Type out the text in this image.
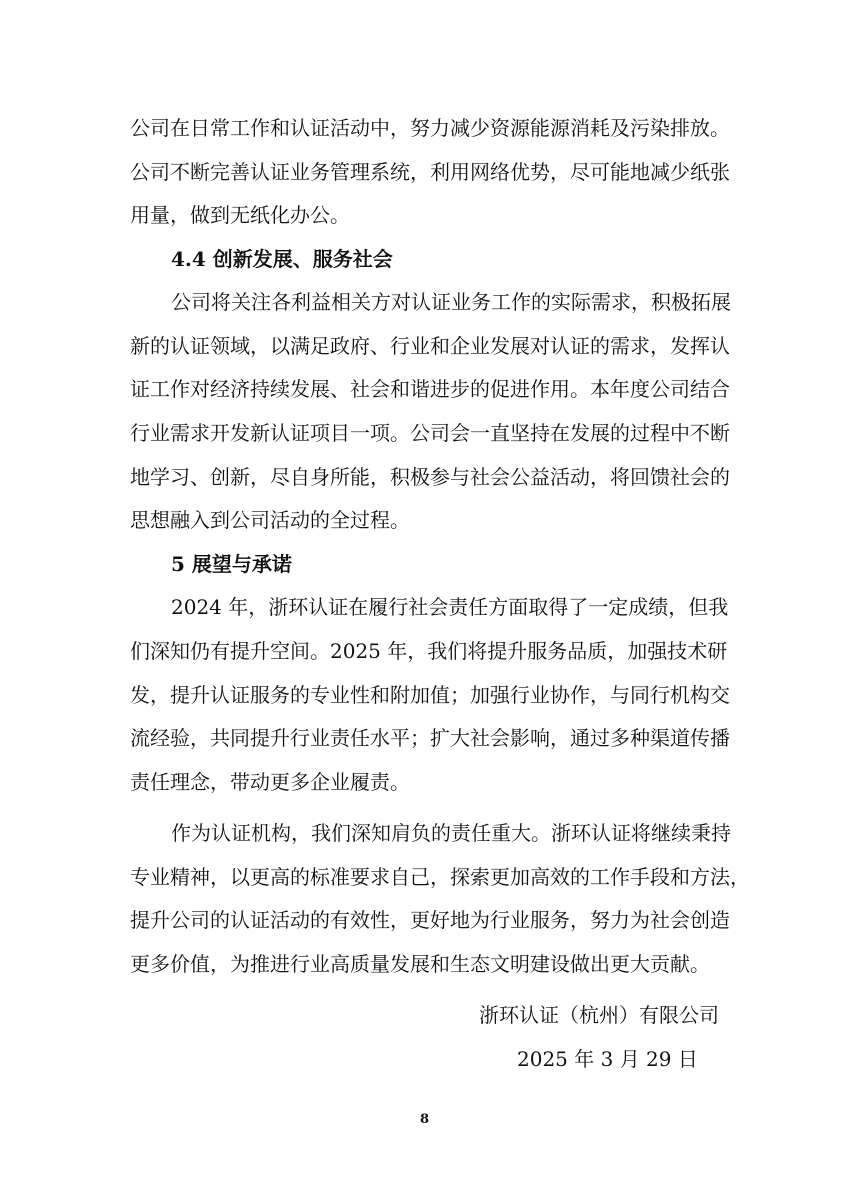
公司在日常工作和认证活动中，努力减少资源能源消耗及污染排放。
公司不断完善认证业务管理系统，利用网络优势，尽可能地减少纸张
用量，做到无纸化办公。
4.4 创新发展、服务社会
公司将关注各利益相关方对认证业务工作的实际需求，积极拓展
新的认证领域，以满足政府、行业和企业发展对认证的需求，发挥认
证工作对经济持续发展、社会和谐进步的促进作用。本年度公司结合
行业需求开发新认证项目一项。公司会一直坚持在发展的过程中不断
地学习、创新，尽自身所能，积极参与社会公益活动，将回馈社会的
思想融入到公司活动的全过程。
5 展望与承诺
2024 年，浙环认证在履行社会责任方面取得了一定成绩，但我
们深知仍有提升空间。2025 年，我们将提升服务品质，加强技术研
发，提升认证服务的专业性和附加值；加强行业协作，与同行机构交
流经验，共同提升行业责任水平；扩大社会影响，通过多种渠道传播
责任理念，带动更多企业履责。
作为认证机构，我们深知肩负的责任重大。浙环认证将继续秉持
专业精神，以更高的标准要求自己，探索更加高效的工作手段和方法，
提升公司的认证活动的有效性，更好地为行业服务，努力为社会创造
更多价值，为推进行业高质量发展和生态文明建设做出更大贡献。
浙环认证（杭州）有限公司
2025 年 3 月 29 日
8
